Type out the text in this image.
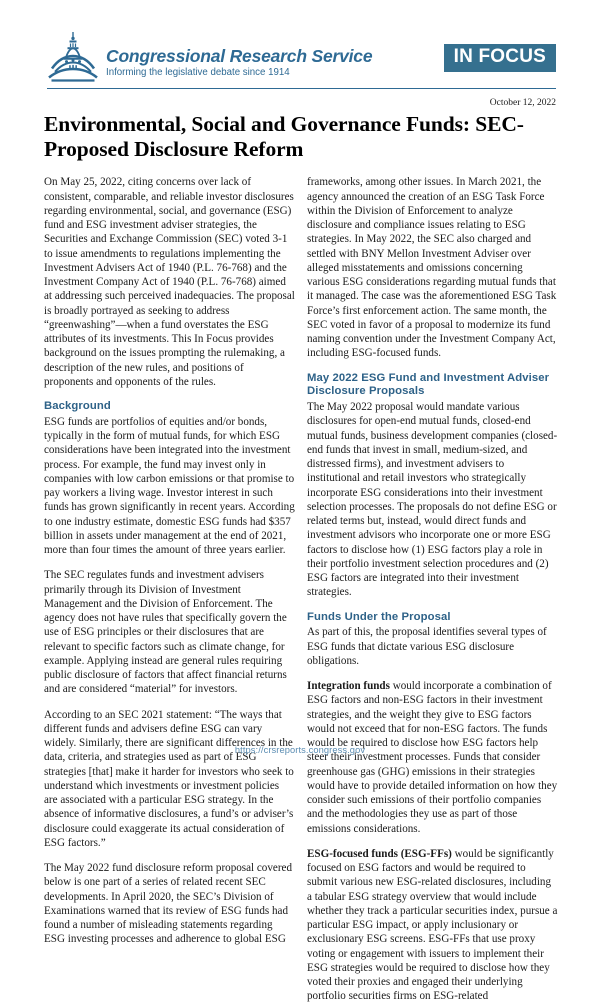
Congressional Research Service
Informing the legislative debate since 1914
IN FOCUS
October 12, 2022
Environmental, Social and Governance Funds: SEC-Proposed Disclosure Reform

On May 25, 2022, citing concerns over lack of consistent, comparable, and reliable investor disclosures regarding environmental, social, and governance (ESG) fund and ESG investment adviser strategies, the Securities and Exchange Commission (SEC) voted 3-1 to issue amendments to regulations implementing the Investment Advisers Act of 1940 (P.L. 76-768) and the Investment Company Act of 1940 (P.L. 76-768) aimed at addressing such perceived inadequacies. The proposal is broadly portrayed as seeking to address “greenwashing”—when a fund overstates the ESG attributes of its investments. This In Focus provides background on the issues prompting the rulemaking, a description of the new rules, and positions of proponents and opponents of the rules.

Background

ESG funds are portfolios of equities and/or bonds, typically in the form of mutual funds, for which ESG considerations have been integrated into the investment process. For example, the fund may invest only in companies with low carbon emissions or that promise to pay workers a living wage. Investor interest in such funds has grown significantly in recent years. According to one industry estimate, domestic ESG funds had $357 billion in assets under management at the end of 2021, more than four times the amount of three years earlier.

The SEC regulates funds and investment advisers primarily through its Division of Investment Management and the Division of Enforcement. The agency does not have rules that specifically govern the use of ESG principles or their disclosures that are relevant to specific factors such as climate change, for example. Applying instead are general rules requiring public disclosure of factors that affect financial returns and are considered “material” for investors.

According to an SEC 2021 statement: “The ways that different funds and advisers define ESG can vary widely. Similarly, there are significant differences in the data, criteria, and strategies used as part of ESG strategies [that] make it harder for investors who seek to understand which investments or investment policies are associated with a particular ESG strategy. In the absence of informative disclosures, a fund’s or adviser’s disclosure could exaggerate its actual consideration of ESG factors.”

The May 2022 fund disclosure reform proposal covered below is one part of a series of related recent SEC developments. In April 2020, the SEC’s Division of Examinations warned that its review of ESG funds had found a number of misleading statements regarding ESG investing processes and adherence to global ESG

frameworks, among other issues. In March 2021, the agency announced the creation of an ESG Task Force within the Division of Enforcement to analyze disclosure and compliance issues relating to ESG strategies. In May 2022, the SEC also charged and settled with BNY Mellon Investment Adviser over alleged misstatements and omissions concerning various ESG considerations regarding mutual funds that it managed. The case was the aforementioned ESG Task Force’s first enforcement action. The same month, the SEC voted in favor of a proposal to modernize its fund naming convention under the Investment Company Act, including ESG-focused funds.

May 2022 ESG Fund and Investment Adviser Disclosure Proposals

The May 2022 proposal would mandate various disclosures for open-end mutual funds, closed-end mutual funds, business development companies (closed-end funds that invest in small, medium-sized, and distressed firms), and investment advisers to institutional and retail investors who strategically incorporate ESG considerations into their investment selection processes. The proposals do not define ESG or related terms but, instead, would direct funds and investment advisors who incorporate one or more ESG factors to disclose how (1) ESG factors play a role in their portfolio investment selection procedures and (2) ESG factors are integrated into their investment strategies.

Funds Under the Proposal

As part of this, the proposal identifies several types of ESG funds that dictate various ESG disclosure obligations.

Integration funds would incorporate a combination of ESG factors and non-ESG factors in their investment strategies, and the weight they give to ESG factors would not exceed that for non-ESG factors. The funds would be required to disclose how ESG factors help steer their investment processes. Funds that consider greenhouse gas (GHG) emissions in their strategies would have to provide detailed information on how they consider such emissions of their portfolio companies and the methodologies they use as part of those emissions considerations.

ESG-focused funds (ESG-FFs) would be significantly focused on ESG factors and would be required to submit various new ESG-related disclosures, including a tabular ESG strategy overview that would include whether they track a particular securities index, pursue a particular ESG impact, or apply inclusionary or exclusionary ESG screens. ESG-FFs that use proxy voting or engagement with issuers to implement their ESG strategies would be required to disclose how they voted their proxies and engaged their underlying portfolio securities firms on ESG-related

https://crsreports.congress.gov
